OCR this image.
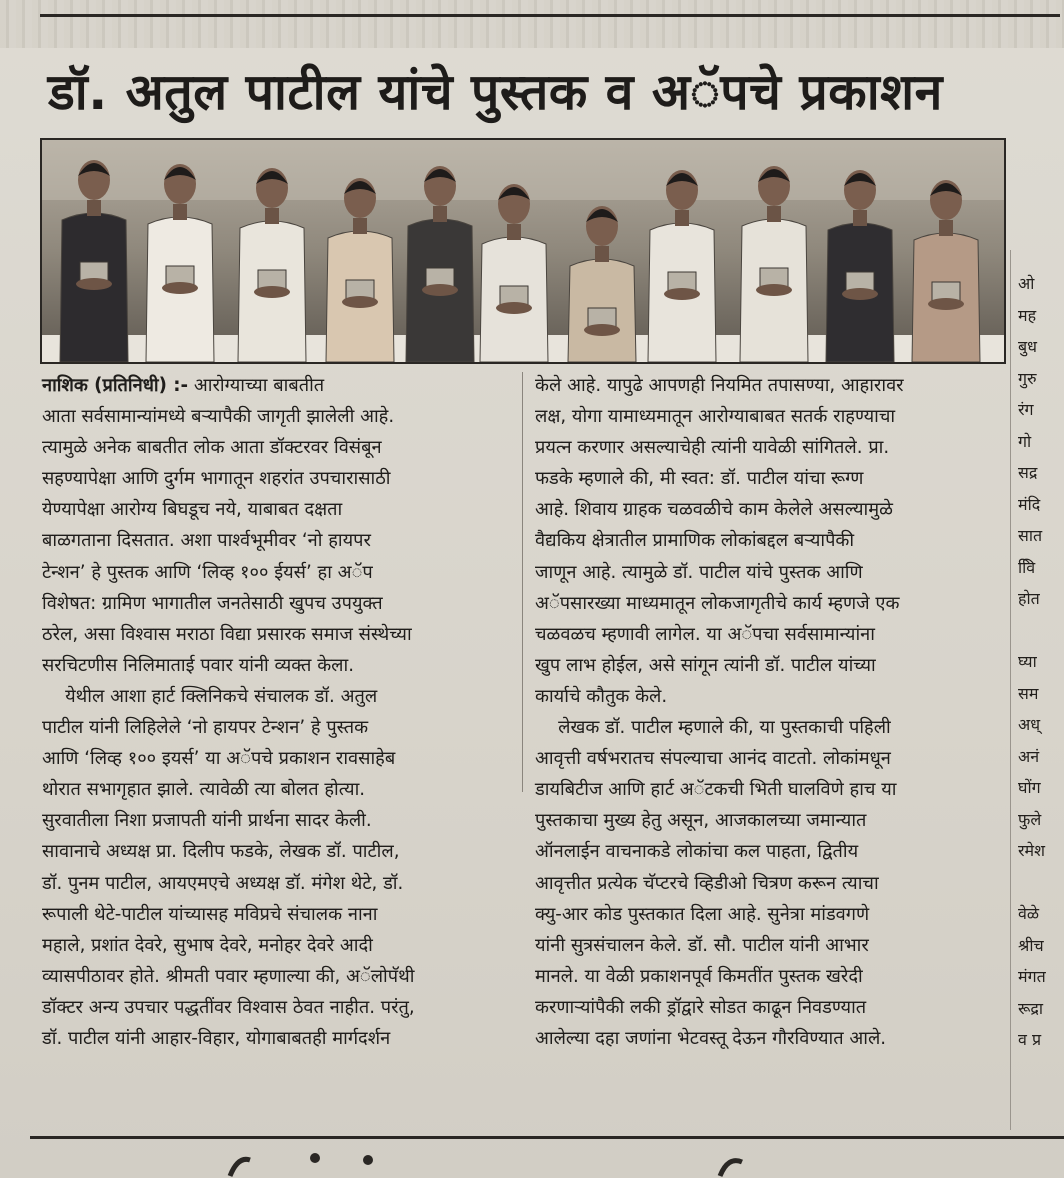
डॉ. अतुल पाटील यांचे पुस्तक व अॅपचे प्रकाशन

नाशिक (प्रतिनिधी) :- आरोग्याच्या बाबतीत

आता सर्वसामान्यांमध्ये बऱ्यापैकी जागृती झालेली आहे.

त्यामुळे अनेक बाबतीत लोक आता डॉक्टरवर विसंबून

सहण्यापेक्षा आणि दुर्गम भागातून शहरांत उपचारासाठी

येण्यापेक्षा आरोग्य बिघडूच नये, याबाबत दक्षता

बाळगताना दिसतात. अशा पार्श्वभूमीवर ‘नो हायपर

टेन्शन’ हे पुस्तक आणि ‘लिव्ह १०० ईयर्स’ हा अॅप

विशेषत: ग्रामिण भागातील जनतेसाठी खुपच उपयुक्त

ठरेल, असा विश्वास मराठा विद्या प्रसारक समाज संस्थेच्या

सरचिटणीस निलिमाताई पवार यांनी व्यक्त केला.

येथील आशा हार्ट क्लिनिकचे संचालक डॉ. अतुल

पाटील यांनी लिहिलेले ‘नो हायपर टेन्शन’ हे पुस्तक

आणि ‘लिव्ह १०० इयर्स’ या अॅपचे प्रकाशन रावसाहेब

थोरात सभागृहात झाले. त्यावेळी त्या बोलत होत्या.

सुरवातीला निशा प्रजापती यांनी प्रार्थना सादर केली.

सावानाचे अध्यक्ष प्रा. दिलीप फडके, लेखक डॉ. पाटील,

डॉ. पुनम पाटील, आयएमएचे अध्यक्ष डॉ. मंगेश थेटे, डॉ.

रूपाली थेटे-पाटील यांच्यासह मविप्रचे संचालक नाना

महाले, प्रशांत देवरे, सुभाष देवरे, मनोहर देवरे आदी

व्यासपीठावर होते. श्रीमती पवार म्हणाल्या की, अॅलोपॅथी

डॉक्टर अन्य उपचार पद्धतींवर विश्वास ठेवत नाहीत. परंतु,

डॉ. पाटील यांनी आहार-विहार, योगाबाबतही मार्गदर्शन

केले आहे. यापुढे आपणही नियमित तपासण्या, आहारावर

लक्ष, योगा यामाध्यमातून आरोग्याबाबत सतर्क राहण्याचा

प्रयत्न करणार असल्याचेही त्यांनी यावेळी सांगितले. प्रा.

फडके म्हणाले की, मी स्वत: डॉ. पाटील यांचा रूग्ण

आहे. शिवाय ग्राहक चळवळीचे काम केलेले असल्यामुळे

वैद्यकिय क्षेत्रातील प्रामाणिक लोकांबद्दल बऱ्यापैकी

जाणून आहे. त्यामुळे डॉ. पाटील यांचे पुस्तक आणि

अॅपसारख्या माध्यमातून लोकजागृतीचे कार्य म्हणजे एक

चळवळच म्हणावी लागेल. या अॅपचा सर्वसामान्यांना

खुप लाभ होईल, असे सांगून त्यांनी डॉ. पाटील यांच्या

कार्याचे कौतुक केले.

लेखक डॉ. पाटील म्हणाले की, या पुस्तकाची पहिली

आवृत्ती वर्षभरातच संपल्याचा आनंद वाटतो. लोकांमधून

डायबिटीज आणि हार्ट अॅटकची भिती घालविणे हाच या

पुस्तकाचा मुख्य हेतु असून, आजकालच्या जमान्यात

ऑनलाईन वाचनाकडे लोकांचा कल पाहता, द्वितीय

आवृत्तीत प्रत्येक चॅप्टरचे व्हिडीओ चित्रण करून त्याचा

क्यु-आर कोड पुस्तकात दिला आहे. सुनेत्रा मांडवगणे

यांनी सुत्रसंचालन केले. डॉ. सौ. पाटील यांनी आभार

मानले. या वेळी प्रकाशनपूर्व किमतींत पुस्तक खरेदी

करणाऱ्यांपैकी लकी ड्रॉद्वारे सोडत काढून निवडण्यात

आलेल्या दहा जणांना भेटवस्तू देऊन गौरविण्यात आले.

ओ
मह
बुध
गुरु
रंग
गो
सद्र
मंदि
सात
विि
होत

घ्या
सम
अध्
अनं
घोंग
फुले
रमेश

वेळे
श्रीच
मंगत
रूद्रा
व प्र
